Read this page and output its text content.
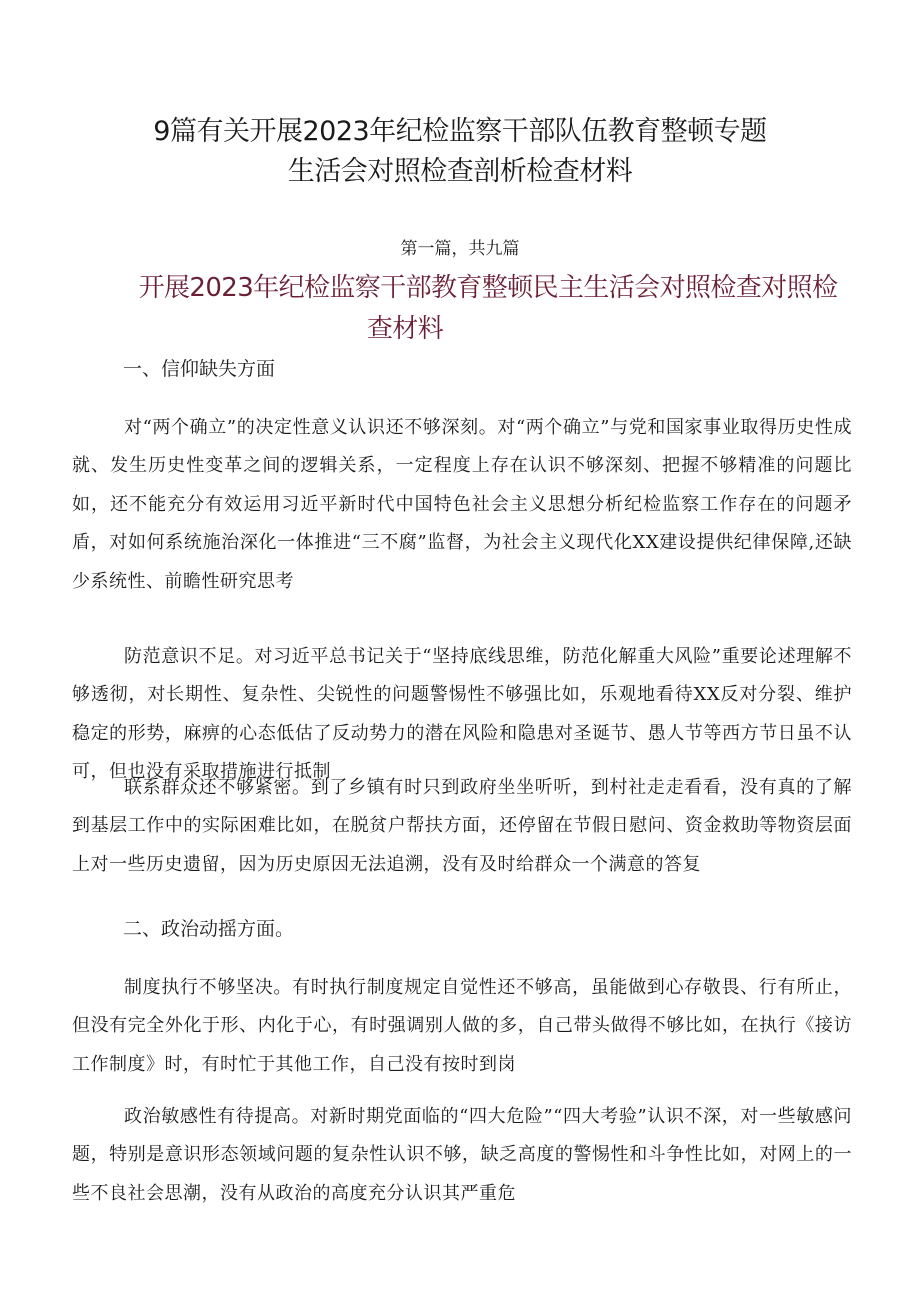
9篇有关开展2023年纪检监察干部队伍教育整顿专题
生活会对照检查剖析检查材料
第一篇，共九篇
开展2023年纪检监察干部教育整顿民主生活会对照检查对照检
查材料
一、信仰缺失方面

对“两个确立”的决定性意义认识还不够深刻。对“两个确立”与党和国家事业取得历史性成就、发生历史性变革之间的逻辑关系，一定程度上存在认识不够深刻、把握不够精准的问题比如，还不能充分有效运用习近平新时代中国特色社会主义思想分析纪检监察工作存在的问题矛盾，对如何系统施治深化一体推进“三不腐”监督，为社会主义现代化XX建设提供纪律保障,还缺少系统性、前瞻性研究思考

防范意识不足。对习近平总书记关于“坚持底线思维，防范化解重大风险”重要论述理解不够透彻，对长期性、复杂性、尖锐性的问题警惕性不够强比如，乐观地看待XX反对分裂、维护稳定的形势，麻痹的心态低估了反动势力的潜在风险和隐患对圣诞节、愚人节等西方节日虽不认可，但也没有采取措施进行抵制

联系群众还不够紧密。到了乡镇有时只到政府坐坐听听，到村社走走看看，没有真的了解到基层工作中的实际困难比如，在脱贫户帮扶方面，还停留在节假日慰问、资金救助等物资层面上对一些历史遗留，因为历史原因无法追溯，没有及时给群众一个满意的答复

二、政治动摇方面。

制度执行不够坚决。有时执行制度规定自觉性还不够高，虽能做到心存敬畏、行有所止，但没有完全外化于形、内化于心，有时强调别人做的多，自己带头做得不够比如，在执行《接访工作制度》时，有时忙于其他工作，自己没有按时到岗

政治敏感性有待提高。对新时期党面临的“四大危险”“四大考验”认识不深，对一些敏感问题，特别是意识形态领域问题的复杂性认识不够，缺乏高度的警惕性和斗争性比如，对网上的一些不良社会思潮，没有从政治的高度充分认识其严重危
